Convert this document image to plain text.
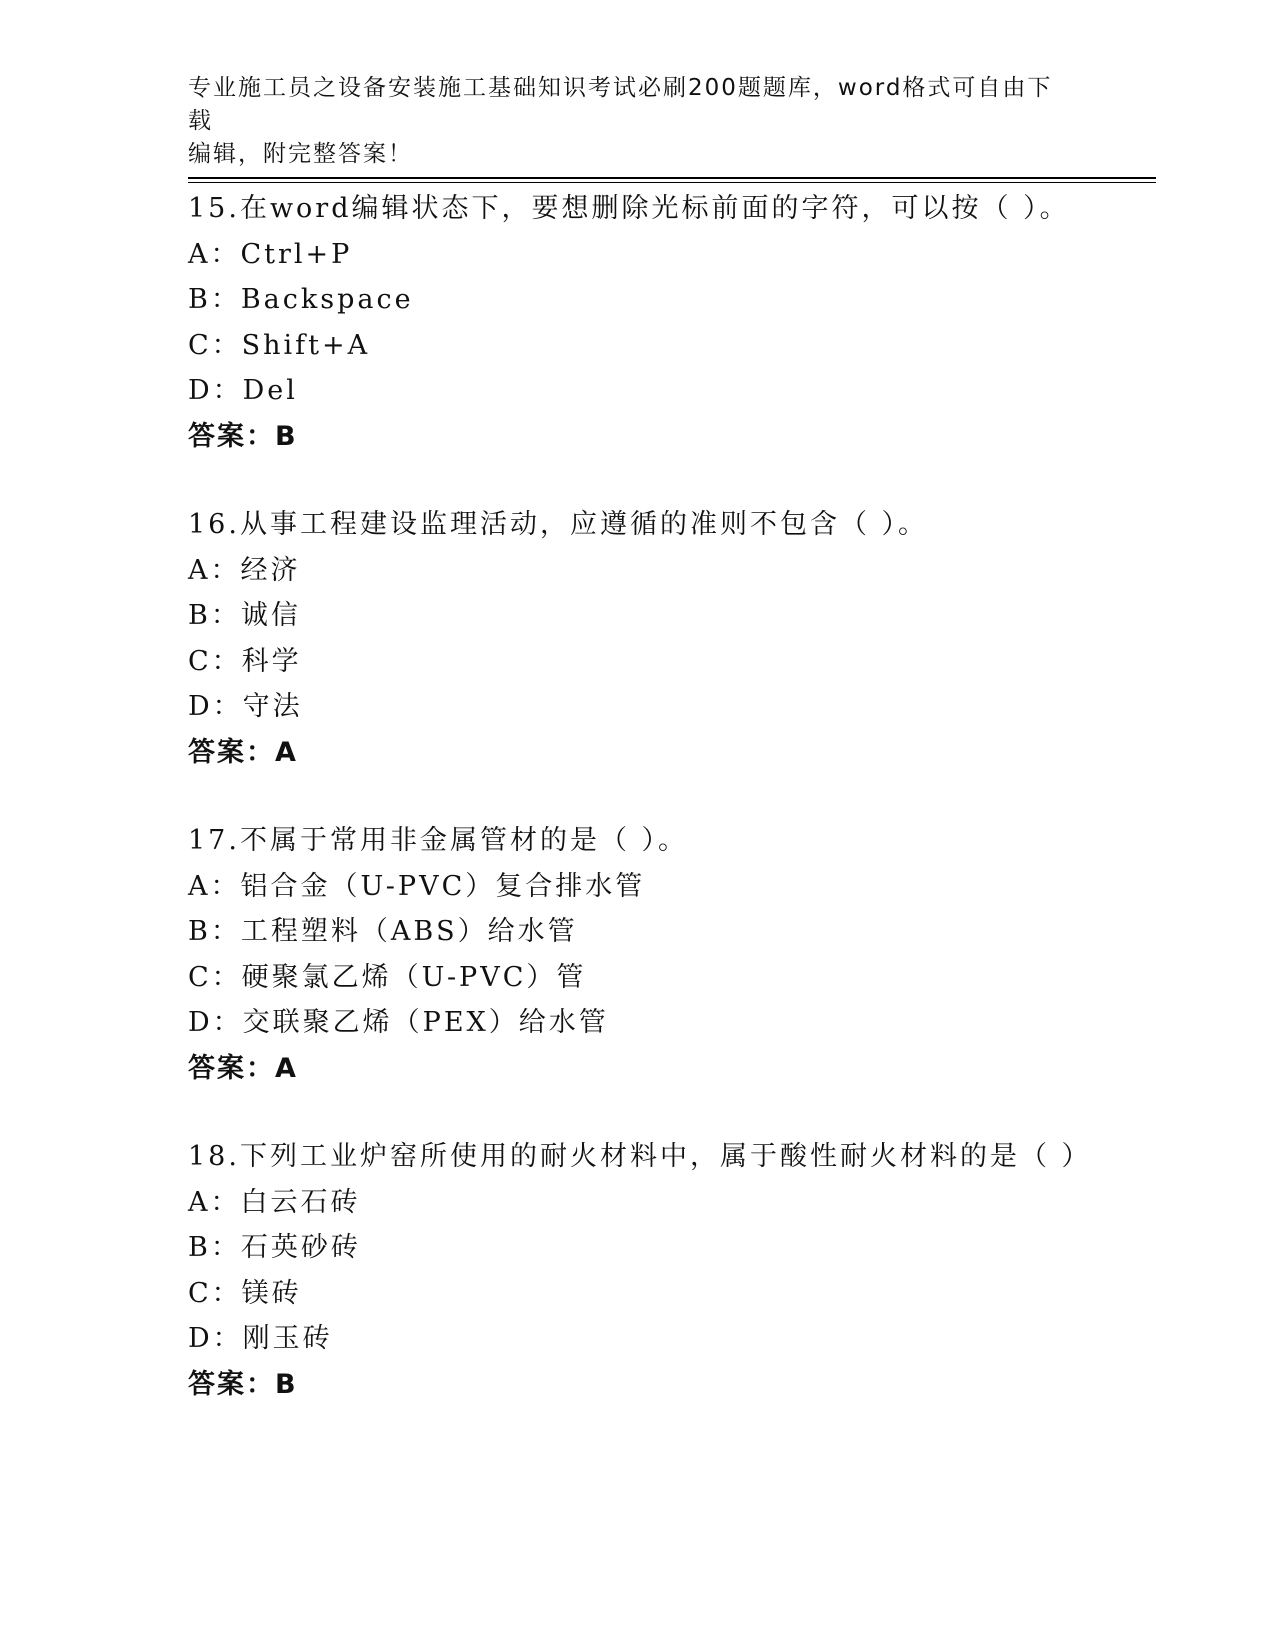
专业施工员之设备安装施工基础知识考试必刷200题题库，word格式可自由下载
编辑，附完整答案！
15.在word编辑状态下，要想删除光标前面的字符，可以按（ ）。
A：Ctrl+P
B：Backspace
C：Shift+A
D：Del
答案：B
16.从事工程建设监理活动，应遵循的准则不包含（ ）。
A：经济
B：诚信
C：科学
D：守法
答案：A
17.不属于常用非金属管材的是（ ）。
A：铝合金（U-PVC）复合排水管
B：工程塑料（ABS）给水管
C：硬聚氯乙烯（U-PVC）管
D：交联聚乙烯（PEX）给水管
答案：A
18.下列工业炉窑所使用的耐火材料中，属于酸性耐火材料的是（ ）
A：白云石砖
B：石英砂砖
C：镁砖
D：刚玉砖
答案：B
